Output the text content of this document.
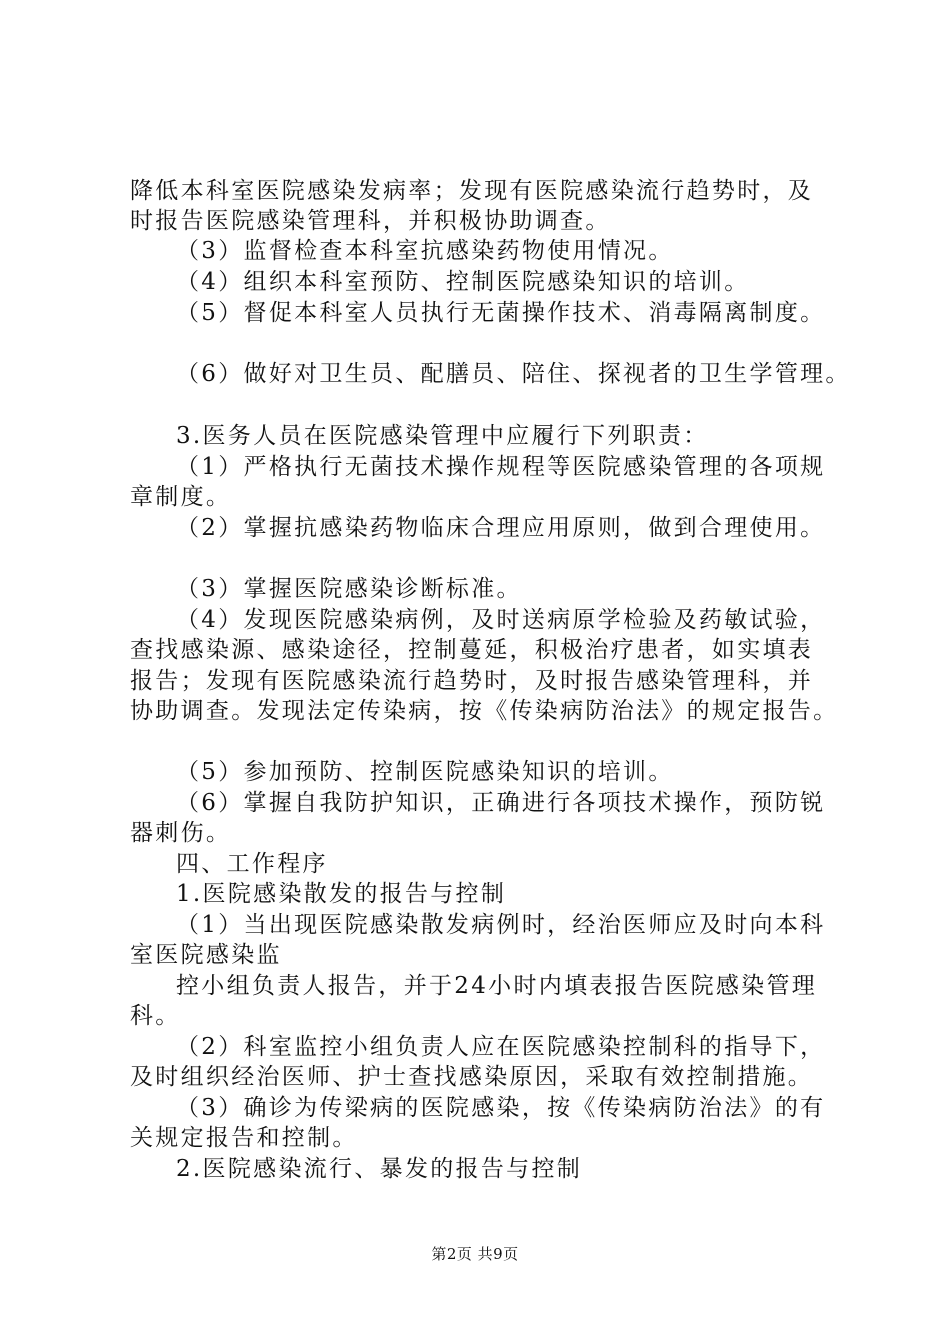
降低本科室医院感染发病率；发现有医院感染流行趋势时，及
时报告医院感染管理科，并积极协助调查。
（3）监督检查本科室抗感染药物使用情况。
（4）组织本科室预防、控制医院感染知识的培训。
（5）督促本科室人员执行无菌操作技术、消毒隔离制度。
（6）做好对卫生员、配膳员、陪住、探视者的卫生学管理。
3.医务人员在医院感染管理中应履行下列职责：
（1）严格执行无菌技术操作规程等医院感染管理的各项规
章制度。
（2）掌握抗感染药物临床合理应用原则，做到合理使用。
（3）掌握医院感染诊断标准。
（4）发现医院感染病例，及时送病原学检验及药敏试验，
查找感染源、感染途径，控制蔓延，积极治疗患者，如实填表
报告；发现有医院感染流行趋势时，及时报告感染管理科，并
协助调查。发现法定传染病，按《传染病防治法》的规定报告。
（5）参加预防、控制医院感染知识的培训。
（6）掌握自我防护知识，正确进行各项技术操作，预防锐
器刺伤。
四、工作程序
1.医院感染散发的报告与控制
（1）当出现医院感染散发病例时，经治医师应及时向本科
室医院感染监
控小组负责人报告，并于24小时内填表报告医院感染管理
科。
（2）科室监控小组负责人应在医院感染控制科的指导下，
及时组织经治医师、护士查找感染原因，采取有效控制措施。
（3）确诊为传梁病的医院感染，按《传染病防治法》的有
关规定报告和控制。
2.医院感染流行、暴发的报告与控制
第2页 共9页
